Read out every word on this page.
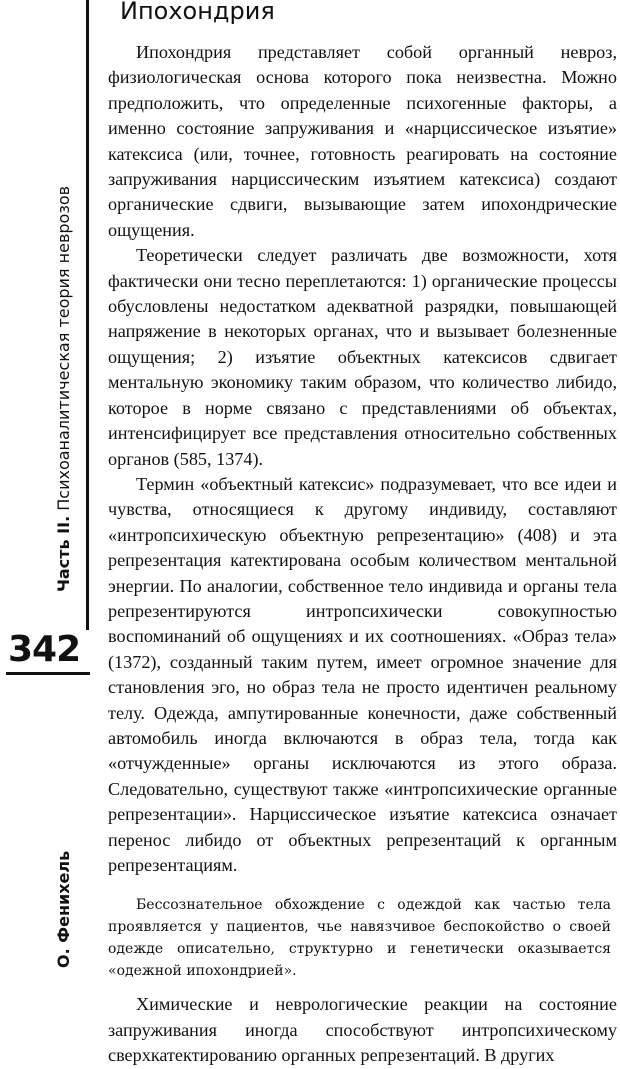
Часть II. Психоаналитическая теория неврозов
342
О. Фенихель
Ипохондрия

Ипохондрия представляет собой органный невроз, физиологическая основа которого пока неизвестна. Можно предположить, что определенные психогенные факторы, а именно состояние запруживания и «нарциссическое изъятие» катексиса (или, точнее, готовность реагировать на состояние запруживания нарциссическим изъятием катексиса) создают органические сдвиги, вызывающие затем ипохондрические ощущения.

Теоретически следует различать две возможности, хотя фактически они тесно переплетаются: 1) органические процессы обусловлены недостатком адекватной разрядки, повышающей напряжение в некоторых органах, что и вызывает болезненные ощущения; 2) изъятие объектных катексисов сдвигает ментальную экономику таким образом, что количество либидо, которое в норме связано с представлениями об объектах, интенсифицирует все представления относительно собственных органов (585, 1374).

Термин «объектный катексис» подразумевает, что все идеи и чувства, относящиеся к другому индивиду, составляют «интропсихическую объектную репрезентацию» (408) и эта репрезентация катектирована особым количеством ментальной энергии. По аналогии, собственное тело индивида и органы тела репрезентируются интропсихически совокупностью воспоминаний об ощущениях и их соотношениях. «Образ тела» (1372), созданный таким путем, имеет огромное значение для становления эго, но образ тела не просто идентичен реальному телу. Одежда, ампутированные конечности, даже собственный автомобиль иногда включаются в образ тела, тогда как «отчужденные» органы исключаются из этого образа. Следовательно, существуют также «интропсихические органные репрезентации». Нарциссическое изъятие катексиса означает перенос либидо от объектных репрезентаций к органным репрезентациям.

Бессознательное обхождение с одеждой как частью тела проявляется у пациентов, чье навязчивое беспокойство о своей одежде описательно, структурно и генетически оказывается «одежной ипохондрией».

Химические и неврологические реакции на состояние запруживания иногда способствуют интропсихическому сверхкатектированию органных репрезентаций. В других
